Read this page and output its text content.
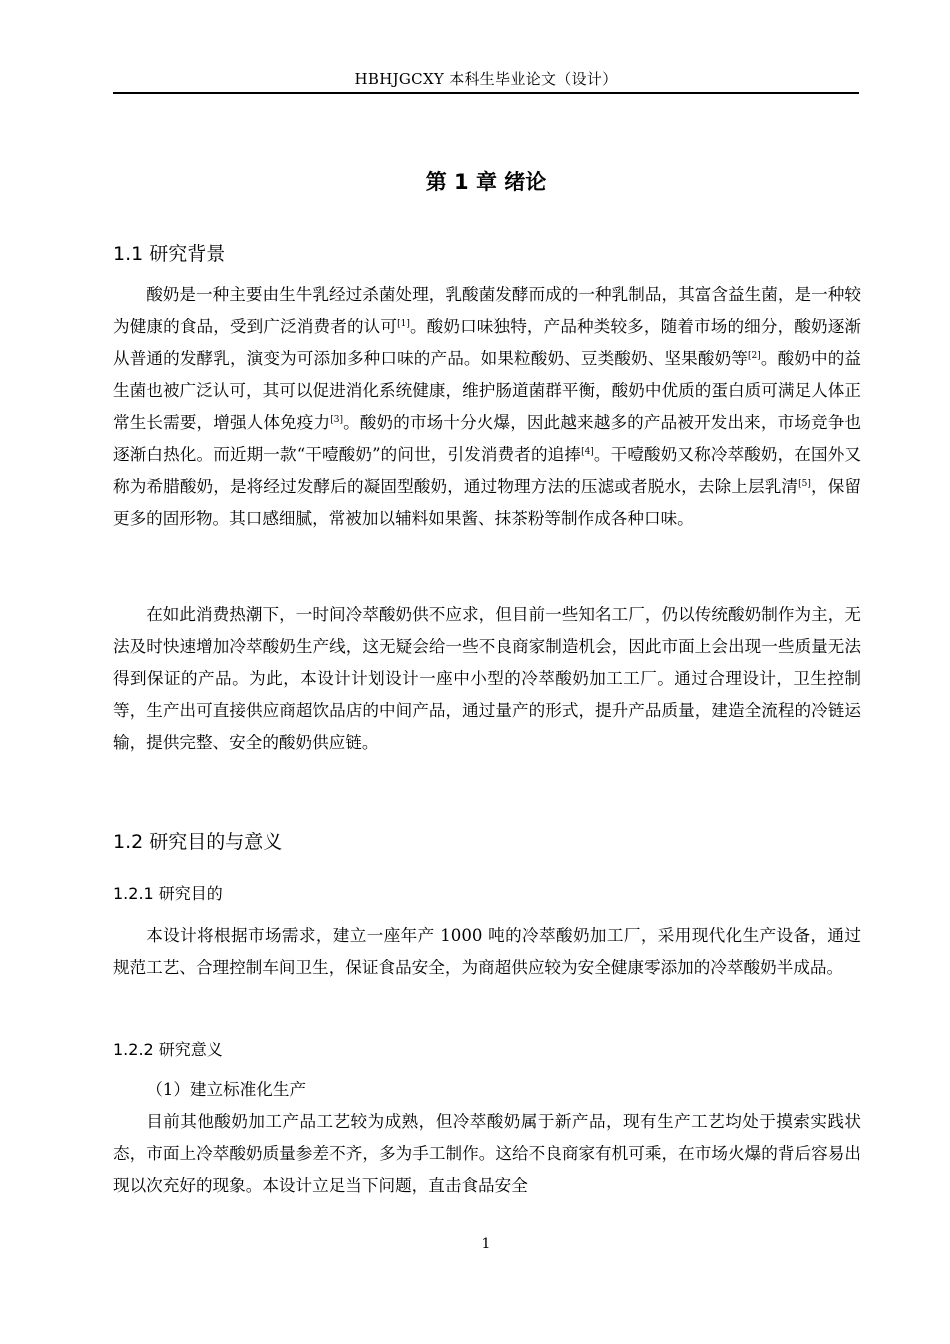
HBHJGCXY 本科生毕业论文（设计）
第 1 章 绪论
1.1 研究背景

酸奶是一种主要由生牛乳经过杀菌处理，乳酸菌发酵而成的一种乳制品，其富含益生菌，是一种较为健康的食品，受到广泛消费者的认可[1]。酸奶口味独特，产品种类较多，随着市场的细分，酸奶逐渐从普通的发酵乳，演变为可添加多种口味的产品。如果粒酸奶、豆类酸奶、坚果酸奶等[2]。酸奶中的益生菌也被广泛认可，其可以促进消化系统健康，维护肠道菌群平衡，酸奶中优质的蛋白质可满足人体正常生长需要，增强人体免疫力[3]。酸奶的市场十分火爆，因此越来越多的产品被开发出来，市场竞争也逐渐白热化。而近期一款“干噎酸奶”的问世，引发消费者的追捧[4]。干噎酸奶又称冷萃酸奶，在国外又称为希腊酸奶，是将经过发酵后的凝固型酸奶，通过物理方法的压滤或者脱水，去除上层乳清[5]，保留更多的固形物。其口感细腻，常被加以辅料如果酱、抹茶粉等制作成各种口味。

在如此消费热潮下，一时间冷萃酸奶供不应求，但目前一些知名工厂，仍以传统酸奶制作为主，无法及时快速增加冷萃酸奶生产线，这无疑会给一些不良商家制造机会，因此市面上会出现一些质量无法得到保证的产品。为此，本设计计划设计一座中小型的冷萃酸奶加工工厂。通过合理设计，卫生控制等，生产出可直接供应商超饮品店的中间产品，通过量产的形式，提升产品质量，建造全流程的冷链运输，提供完整、安全的酸奶供应链。

1.2 研究目的与意义
1.2.1 研究目的

本设计将根据市场需求，建立一座年产 1000 吨的冷萃酸奶加工厂，采用现代化生产设备，通过规范工艺、合理控制车间卫生，保证食品安全，为商超供应较为安全健康零添加的冷萃酸奶半成品。

1.2.2 研究意义

（1）建立标准化生产

目前其他酸奶加工产品工艺较为成熟，但冷萃酸奶属于新产品，现有生产工艺均处于摸索实践状态，市面上冷萃酸奶质量参差不齐，多为手工制作。这给不良商家有机可乘，在市场火爆的背后容易出现以次充好的现象。本设计立足当下问题，直击食品安全

1
